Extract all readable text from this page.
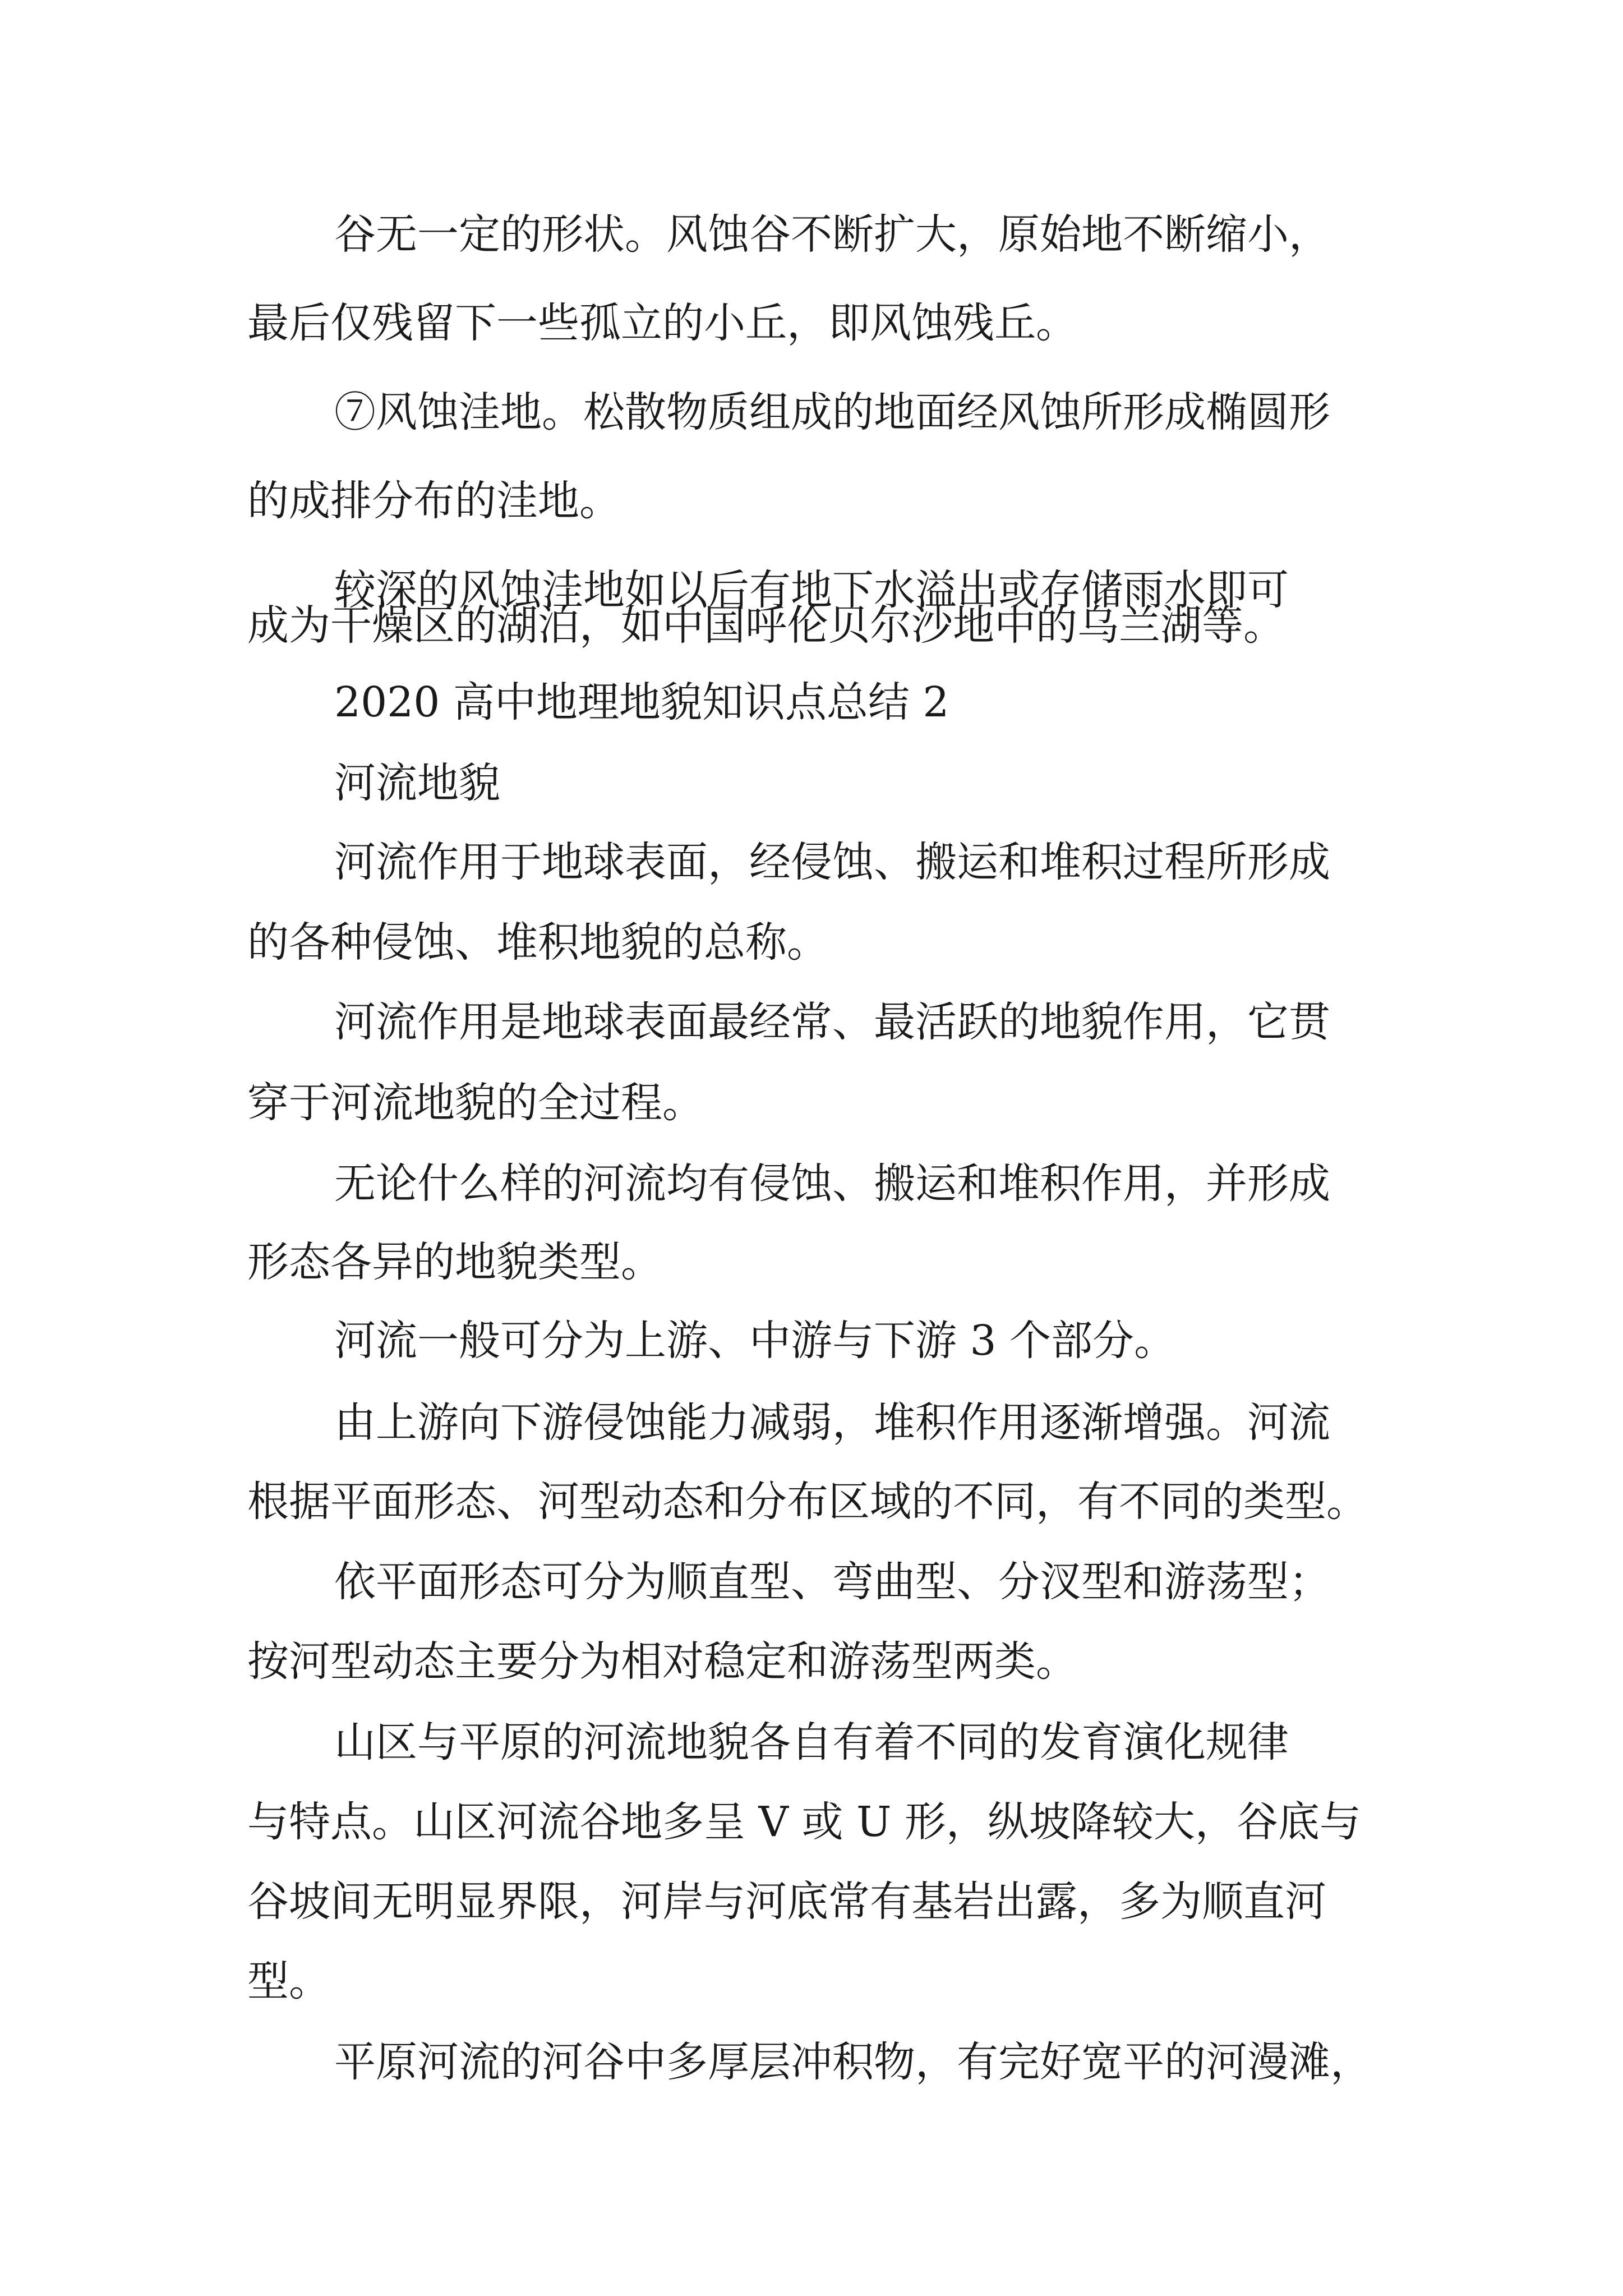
谷无一定的形状。风蚀谷不断扩大，原始地不断缩小，
最后仅残留下一些孤立的小丘，即风蚀残丘。
⑦风蚀洼地。松散物质组成的地面经风蚀所形成椭圆形
的成排分布的洼地。
较深的风蚀洼地如以后有地下水溢出或存储雨水即可
成为干燥区的湖泊，如中国呼伦贝尔沙地中的乌兰湖等。
2020 高中地理地貌知识点总结 2
河流地貌
河流作用于地球表面，经侵蚀、搬运和堆积过程所形成
的各种侵蚀、堆积地貌的总称。
河流作用是地球表面最经常、最活跃的地貌作用，它贯
穿于河流地貌的全过程。
无论什么样的河流均有侵蚀、搬运和堆积作用，并形成
形态各异的地貌类型。
河流一般可分为上游、中游与下游 3 个部分。
由上游向下游侵蚀能力减弱，堆积作用逐渐增强。河流
根据平面形态、河型动态和分布区域的不同，有不同的类型。
依平面形态可分为顺直型、弯曲型、分汊型和游荡型；
按河型动态主要分为相对稳定和游荡型两类。
山区与平原的河流地貌各自有着不同的发育演化规律
与特点。山区河流谷地多呈 V 或 U 形，纵坡降较大，谷底与
谷坡间无明显界限，河岸与河底常有基岩出露，多为顺直河
型。
平原河流的河谷中多厚层冲积物，有完好宽平的河漫滩，
